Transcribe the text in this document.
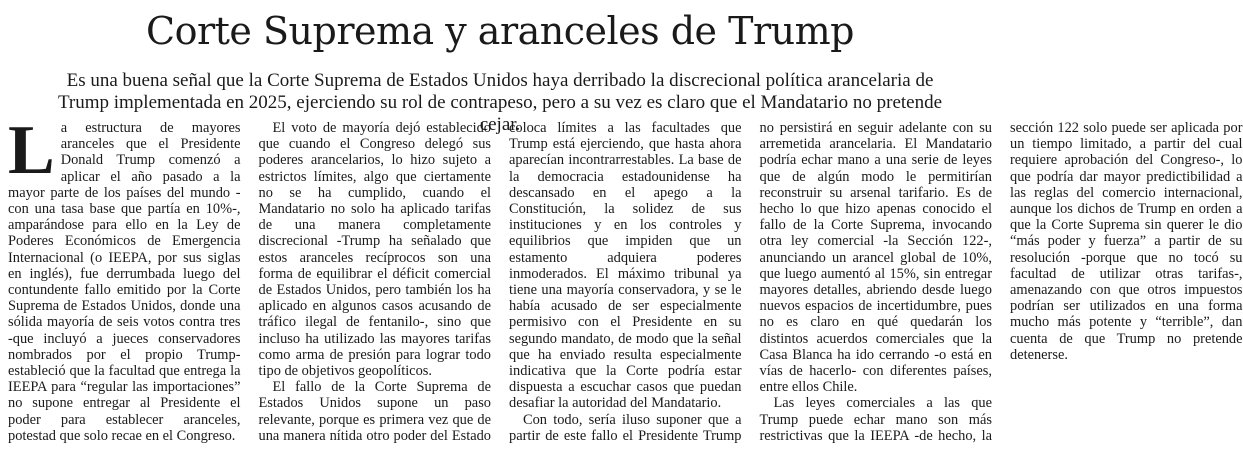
Corte Suprema y aranceles de Trump

Es una buena señal que la Corte Suprema de Estados Unidos haya derribado la discrecional política arancelaria de Trump implementada en 2025, ejerciendo su rol de contrapeso, pero a su vez es claro que el Mandatario no pretende cejar.

La estructura de mayores aranceles que el Presidente Donald Trump comenzó a aplicar el año pasado a la mayor parte de los países del mundo -con una tasa base que partía en 10%-, amparándose para ello en la Ley de Poderes Económicos de Emergencia Internacional (o IEEPA, por sus siglas en inglés), fue derrumbada luego del contundente fallo emitido por la Corte Suprema de Estados Unidos, donde una sólida mayoría de seis votos contra tres -que incluyó a jueces conservadores nombrados por el propio Trump- estableció que la facultad que entrega la IEEPA para “regular las importaciones” no supone entregar al Presidente el poder para establecer aranceles, potestad que solo recae en el Congreso.

El voto de mayoría dejó establecido que cuando el Congreso delegó sus poderes arancelarios, lo hizo sujeto a estrictos límites, algo que ciertamente no se ha cumplido, cuando el Mandatario no solo ha aplicado tarifas de una manera completamente discrecional -Trump ha señalado que estos aranceles recíprocos son una forma de equilibrar el déficit comercial de Estados Unidos, pero también los ha aplicado en algunos casos acusando de tráfico ilegal de fentanilo-, sino que incluso ha utilizado las mayores tarifas como arma de presión para lograr todo tipo de objetivos geopolíticos.

El fallo de la Corte Suprema de Estados Unidos supone un paso relevante, porque es primera vez que de una manera nítida otro poder del Estado coloca límites a las facultades que Trump está ejerciendo, que hasta ahora aparecían incontrarrestables. La base de la democracia estadounidense ha descansado en el apego a la Constitución, la solidez de sus instituciones y en los controles y equilibrios que impiden que un estamento adquiera poderes inmoderados. El máximo tribunal ya tiene una mayoría conservadora, y se le había acusado de ser especialmente permisivo con el Presidente en su segundo mandato, de modo que la señal que ha enviado resulta especialmente indicativa que la Corte podría estar dispuesta a escuchar casos que puedan desafiar la autoridad del Mandatario.

Con todo, sería iluso suponer que a partir de este fallo el Presidente Trump no persistirá en seguir adelante con su arremetida arancelaria. El Mandatario podría echar mano a una serie de leyes que de algún modo le permitirían reconstruir su arsenal tarifario. Es de hecho lo que hizo apenas conocido el fallo de la Corte Suprema, invocando otra ley comercial -la Sección 122-, anunciando un arancel global de 10%, que luego aumentó al 15%, sin entregar mayores detalles, abriendo desde luego nuevos espacios de incertidumbre, pues no es claro en qué quedarán los distintos acuerdos comerciales que la Casa Blanca ha ido cerrando -o está en vías de hacerlo- con diferentes países, entre ellos Chile.

Las leyes comerciales a las que Trump puede echar mano son más restrictivas que la IEEPA -de hecho, la sección 122 solo puede ser aplicada por un tiempo limitado, a partir del cual requiere aprobación del Congreso-, lo que podría dar mayor predictibilidad a las reglas del comercio internacional, aunque los dichos de Trump en orden a que la Corte Suprema sin querer le dio “más poder y fuerza” a partir de su resolución -porque que no tocó su facultad de utilizar otras tarifas-, amenazando con que otros impuestos podrían ser utilizados en una forma mucho más potente y “terrible”, dan cuenta de que Trump no pretende detenerse.
